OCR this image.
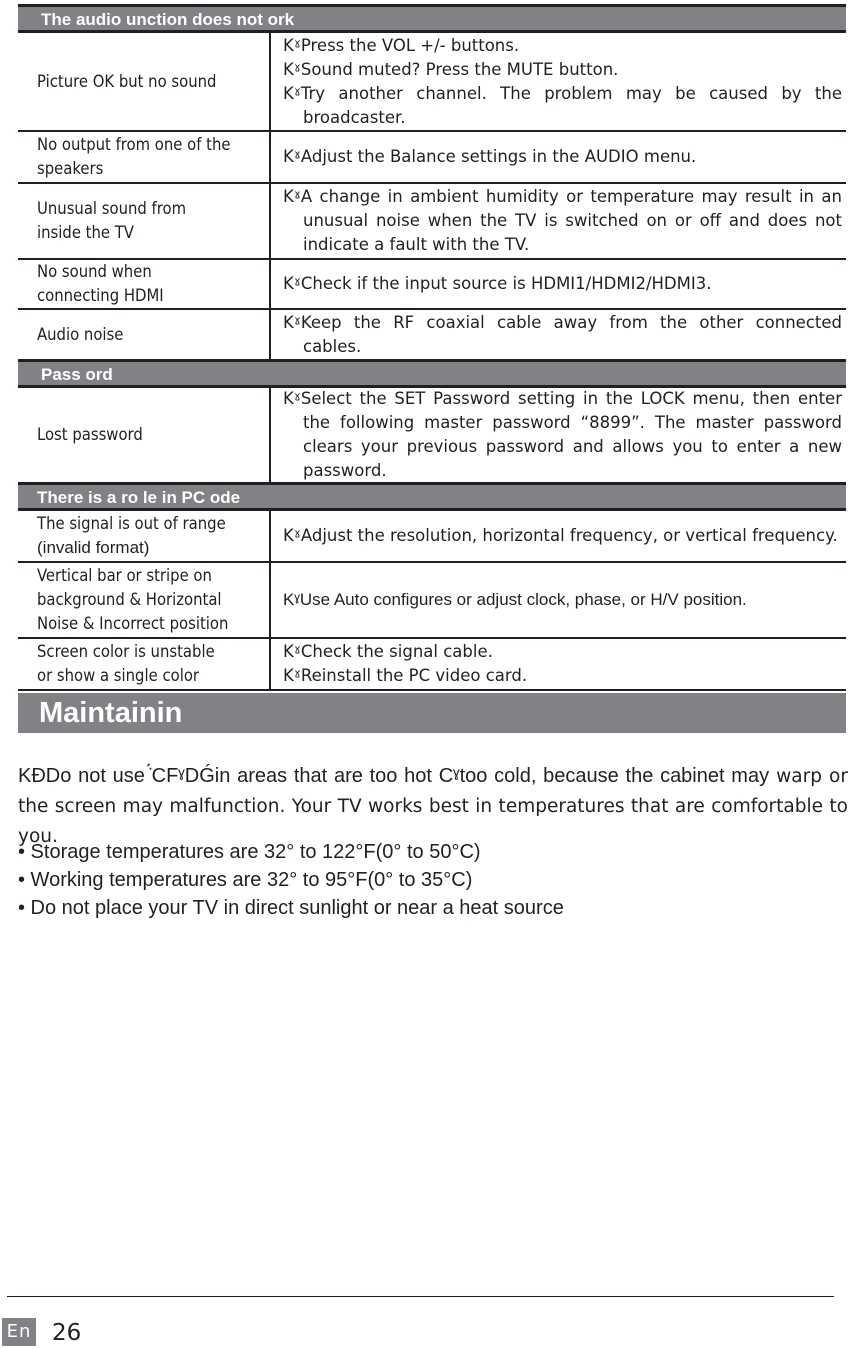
The audio unction does not ork
Picture OK but no sound
KˠPress the VOL +/- buttons.
KˠSound muted? Press the MUTE button.
KˠTry another channel. The problem may be caused by the broadcaster.
No output from one of the
speakers
KˠAdjust the Balance settings in the AUDIO menu.
Unusual sound from
inside the TV
KˠA change in ambient humidity or temperature may result in an unusual noise when the TV is switched on or off and does not indicate a fault with the TV.
No sound when
connecting HDMI
KˠCheck if the input source is HDMI1/HDMI2/HDMI3.
Audio noise
KˠKeep the RF coaxial cable away from the other connected cables.
Pass ord
Lost password
KˠSelect the SET Password setting in the LOCK menu, then enter the following master password “8899”. The master password clears your previous password and allows you to enter a new password.
There is a ro le in PC ode
The signal is out of range
(invalid format)
KˠAdjust the resolution, horizontal frequency, or vertical frequency.
Vertical bar or stripe on
background & Horizontal
Noise & Incorrect position
KˠUse Auto configures or adjust clock, phase, or H/V position.
Screen color is unstable
or show a single color
KˠCheck the signal cable.
KˠReinstall the PC video card.
Maintainin
KÐDo not use ́̇CFˠDǴin areas that are too hot Cˠtoo cold, because the cabinet may warp or the screen may malfunction. Your TV works best in temperatures that are comfortable to you.
• Storage temperatures are 32° to 122°F(0° to 50°C)
• Working temperatures are 32° to 95°F(0° to 35°C)
• Do not place your TV in direct sunlight or near a heat source
En 26
